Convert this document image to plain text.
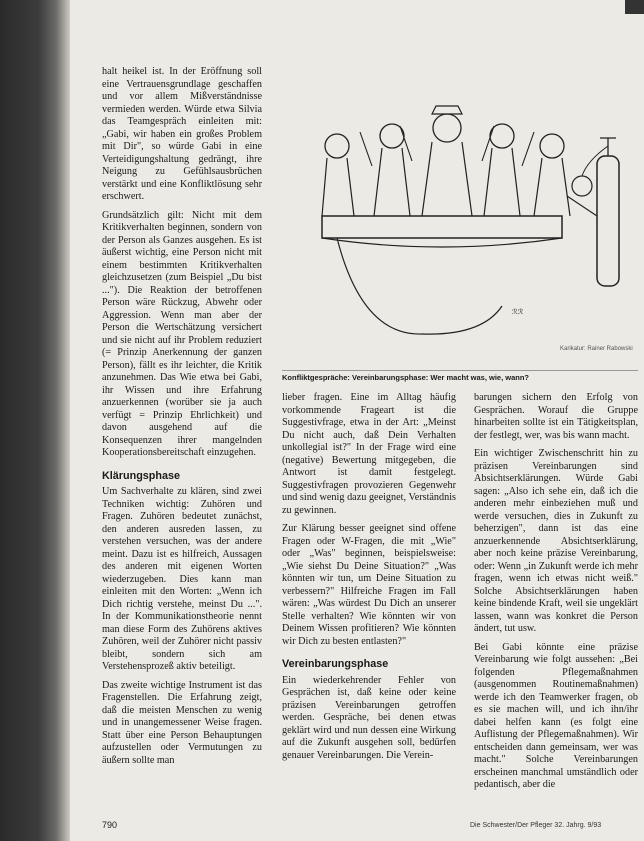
halt heikel ist. In der Eröffnung soll eine Vertrauensgrundlage geschaffen und vor allem Mißverständnisse vermieden werden. Würde etwa Silvia das Teamgespräch einleiten mit: „Gabi, wir haben ein großes Problem mit Dir", so würde Gabi in eine Verteidigungshaltung gedrängt, ihre Neigung zu Gefühlsausbrüchen verstärkt und eine Konfliktlösung sehr erschwert.

Grundsätzlich gilt: Nicht mit dem Kritikverhalten beginnen, sondern von der Person als Ganzes ausgehen. Es ist äußerst wichtig, eine Person nicht mit einem bestimmten Kritikverhalten gleichzusetzen (zum Beispiel „Du bist ..."). Die Reaktion der betroffenen Person wäre Rückzug, Abwehr oder Aggression. Wenn man aber der Person die Wertschätzung versichert und sie nicht auf ihr Problem reduziert (= Prinzip Anerkennung der ganzen Person), fällt es ihr leichter, die Kritik anzunehmen. Das Wie etwa bei Gabi, ihr Wissen und ihre Erfahrung anzuerkennen (worüber sie ja auch verfügt = Prinzip Ehrlichkeit) und davon ausgehend auf die Konsequenzen ihrer mangelnden Kooperationsbereitschaft einzugehen.

Klärungsphase

Um Sachverhalte zu klären, sind zwei Techniken wichtig: Zuhören und Fragen. Zuhören bedeutet zunächst, den anderen ausreden lassen, zu verstehen versuchen, was der andere meint. Dazu ist es hilfreich, Aussagen des anderen mit eigenen Worten wiederzugeben. Dies kann man einleiten mit den Worten: „Wenn ich Dich richtig verstehe, meinst Du ...". In der Kommunikationstheorie nennt man diese Form des Zuhörens aktives Zuhören, weil der Zuhörer nicht passiv bleibt, sondern sich am Verstehensprozeß aktiv beteiligt.

Das zweite wichtige Instrument ist das Fragenstellen. Die Erfahrung zeigt, daß die meisten Menschen zu wenig und in unangemessener Weise fragen. Statt über eine Person Behauptungen aufzustellen oder Vermutungen zu äußern sollte man

ℛℛ
Karikatur: Rainer Rabowski
Konfliktgespräche: Vereinbarungsphase: Wer macht was, wie, wann?

lieber fragen. Eine im Alltag häufig vorkommende Frageart ist die Suggestivfrage, etwa in der Art: „Meinst Du nicht auch, daß Dein Verhalten unkollegial ist?" In der Frage wird eine (negative) Bewertung mitgegeben, die Antwort ist damit festgelegt. Suggestivfragen provozieren Gegenwehr und sind wenig dazu geeignet, Verständnis zu gewinnen.

Zur Klärung besser geeignet sind offene Fragen oder W-Fragen, die mit „Wie" oder „Was" beginnen, beispielsweise: „Wie siehst Du Deine Situation?" „Was könnten wir tun, um Deine Situation zu verbessern?" Hilfreiche Fragen im Fall wären: „Was würdest Du Dich an unserer Stelle verhalten? Wie könnten wir von Deinem Wissen profitieren? Wie könnten wir Dich zu besten entlasten?"

Vereinbarungsphase

Ein wiederkehrender Fehler von Gesprächen ist, daß keine oder keine präzisen Vereinbarungen getroffen werden. Gespräche, bei denen etwas geklärt wird und nun dessen eine Wirkung auf die Zukunft ausgehen soll, bedürfen genauer Vereinbarungen. Die Verein-

barungen sichern den Erfolg von Gesprächen. Worauf die Gruppe hinarbeiten sollte ist ein Tätigkeitsplan, der festlegt, wer, was bis wann macht.

Ein wichtiger Zwischenschritt hin zu präzisen Vereinbarungen sind Absichtserklärungen. Würde Gabi sagen: „Also ich sehe ein, daß ich die anderen mehr einbeziehen muß und werde versuchen, dies in Zukunft zu beherzigen", dann ist das eine anzuerkennende Absichtserklärung, aber noch keine präzise Vereinbarung, oder: Wenn „in Zukunft werde ich mehr fragen, wenn ich etwas nicht weiß." Solche Absichtserklärungen haben keine bindende Kraft, weil sie ungeklärt lassen, wann was konkret die Person ändert, tut usw.

Bei Gabi könnte eine präzise Vereinbarung wie folgt aussehen: „Bei folgenden Pflegemaßnahmen (ausgenommen Routinemaßnahmen) werde ich den Teamwerker fragen, ob es sie machen will, und ich ihn/ihr dabei helfen kann (es folgt eine Auflistung der Pflegemaßnahmen). Wir entscheiden dann gemeinsam, wer was macht." Solche Vereinbarungen erscheinen manchmal umständlich oder pedantisch, aber die

790	Die Schwester/Der Pfleger 32. Jahrg. 9/93
